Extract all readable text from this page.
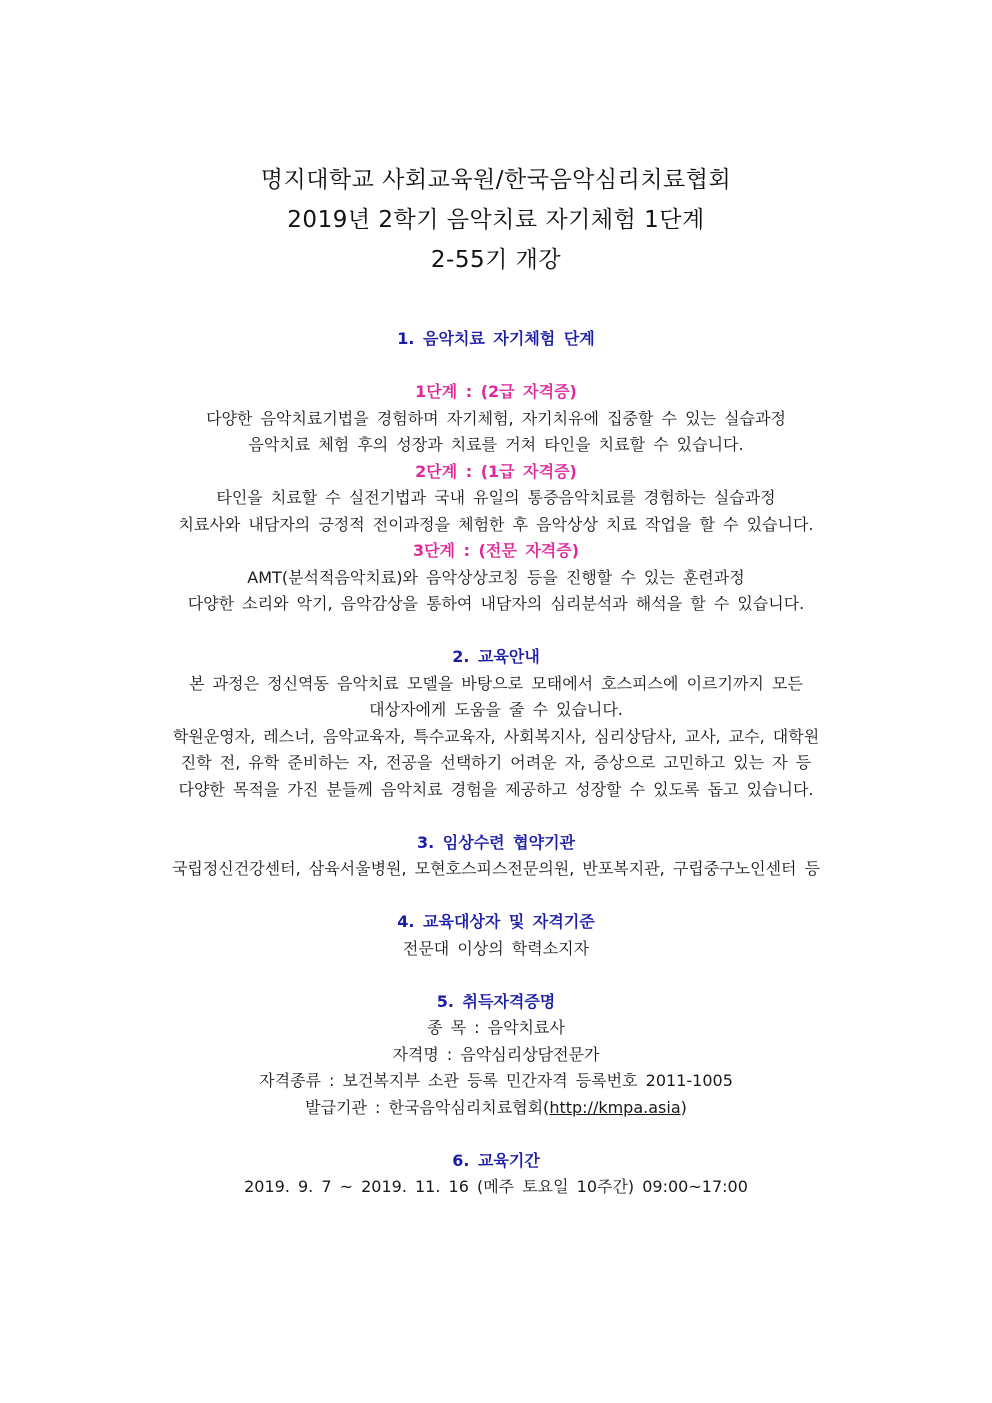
명지대학교 사회교육원/한국음악심리치료협회
2019년 2학기 음악치료 자기체험 1단계
2-55기 개강
1. 음악치료 자기체험 단계
1단계 : (2급 자격증)
다양한 음악치료기법을 경험하며 자기체험, 자기치유에 집중할 수 있는 실습과정
음악치료 체험 후의 성장과 치료를 거쳐 타인을 치료할 수 있습니다.
2단계 : (1급 자격증)
타인을 치료할 수 실전기법과 국내 유일의 통증음악치료를 경험하는 실습과정
치료사와 내담자의 긍정적 전이과정을 체험한 후 음악상상 치료 작업을 할 수 있습니다.
3단계 : (전문 자격증)
AMT(분석적음악치료)와 음악상상코칭 등을 진행할 수 있는 훈련과정
다양한 소리와 악기, 음악감상을 통하여 내담자의 심리분석과 해석을 할 수 있습니다.
2. 교육안내
본 과정은 정신역동 음악치료 모델을 바탕으로 모태에서 호스피스에 이르기까지 모든
대상자에게 도움을 줄 수 있습니다.
학원운영자, 레스너, 음악교육자, 특수교육자, 사회복지사, 심리상담사, 교사, 교수, 대학원
진학 전, 유학 준비하는 자, 전공을 선택하기 어려운 자, 증상으로 고민하고 있는 자 등
다양한 목적을 가진 분들께 음악치료 경험을 제공하고 성장할 수 있도록 돕고 있습니다.
3. 임상수련 협약기관
국립정신건강센터, 삼육서울병원, 모현호스피스전문의원, 반포복지관, 구립중구노인센터 등
4. 교육대상자 및 자격기준
전문대 이상의 학력소지자
5. 취득자격증명
종 목 : 음악치료사
자격명 : 음악심리상담전문가
자격종류 : 보건복지부 소관 등록 민간자격 등록번호 2011-1005
발급기관 : 한국음악심리치료협회(http://kmpa.asia)
6. 교육기간
2019. 9. 7 ~ 2019. 11. 16 (메주 토요일 10주간) 09:00~17:00
